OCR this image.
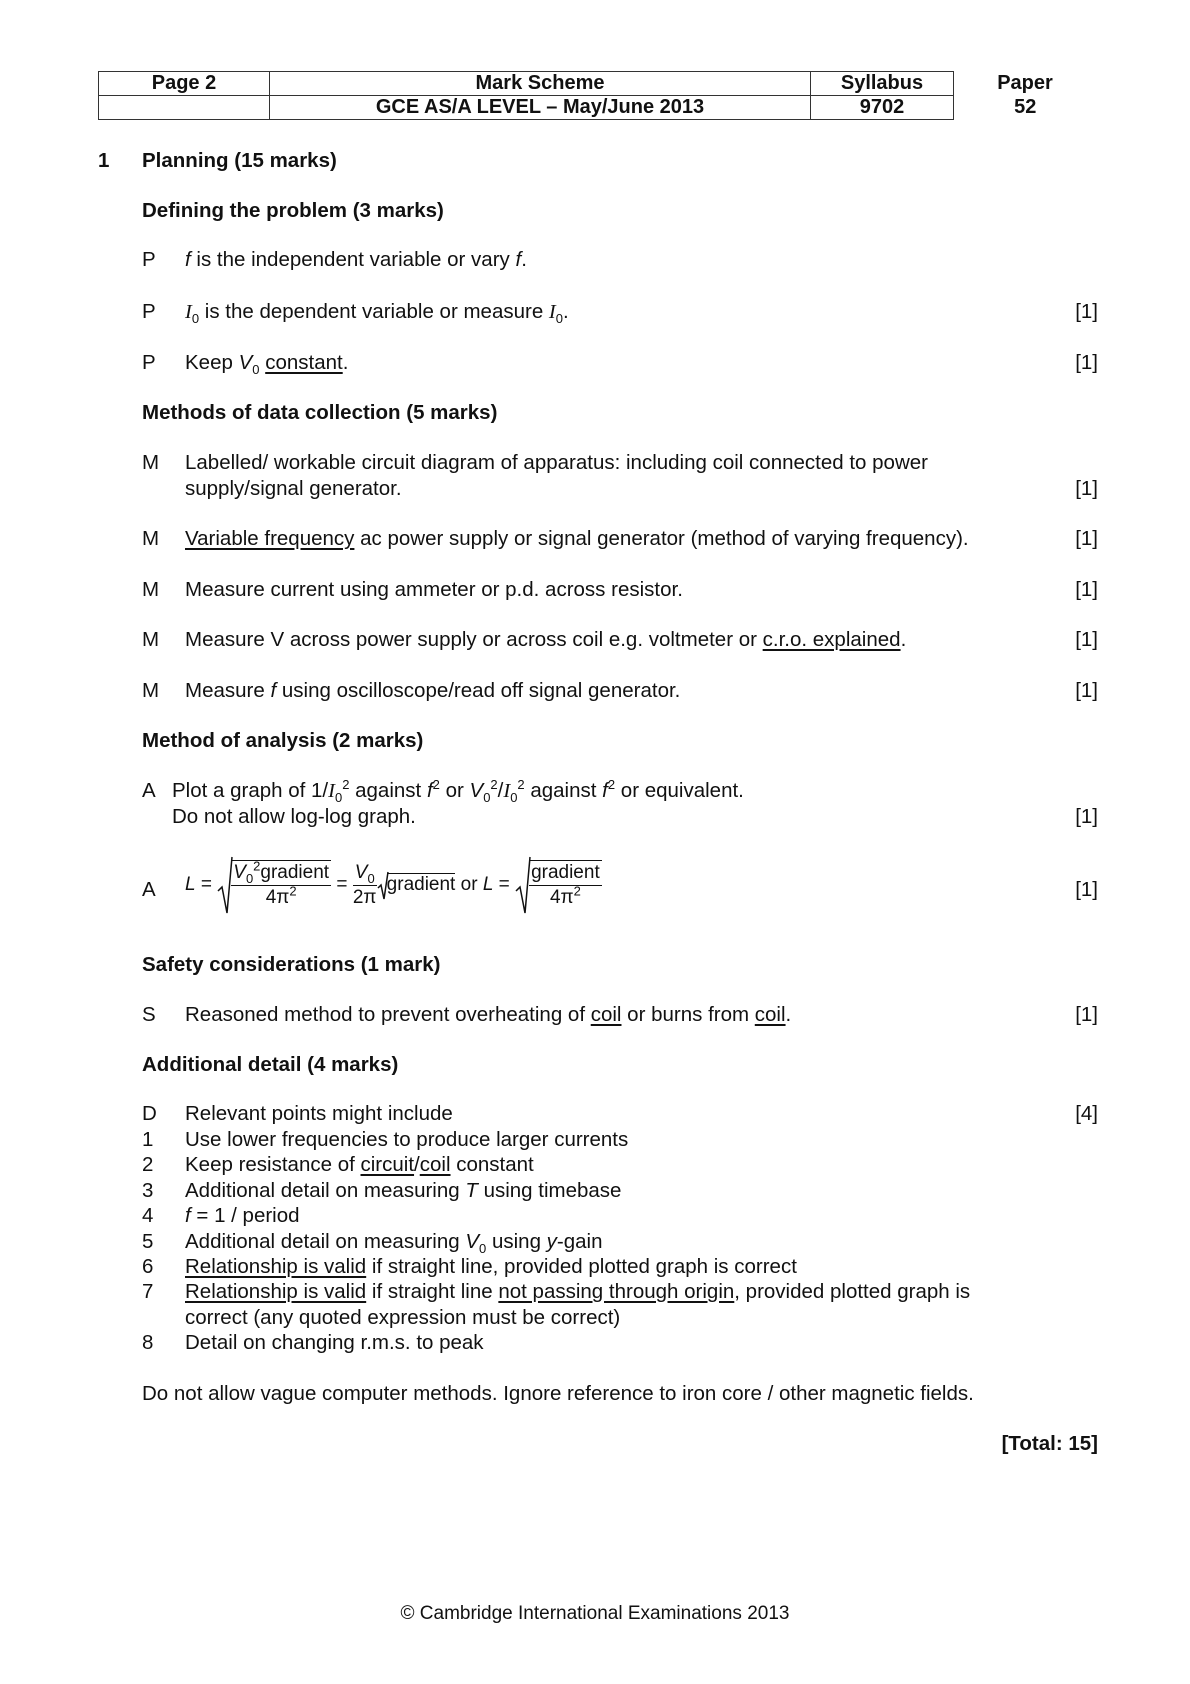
Page 2	Mark Scheme	Syllabus	Paper
	GCE AS/A LEVEL – May/June 2013	9702	52
1 Planning (15 marks)
Defining the problem (3 marks)
P f is the independent variable or vary f.
P $I_0$ is the dependent variable or measure $I_0$.	[1]
P Keep $V_0$ constant.	[1]
Methods of data collection (5 marks)
M Labelled/ workable circuit diagram of apparatus: including coil connected to power
supply/signal generator.	[1]
M Variable frequency ac power supply or signal generator (method of varying frequency).	[1]
M Measure current using ammeter or p.d. across resistor.	[1]
M Measure V across power supply or across coil e.g. voltmeter or c.r.o. explained.	[1]
M Measure f using oscilloscope/read off signal generator.	[1]
Method of analysis (2 marks)
A Plot a graph of $1/I_0^2$ against $f^2$ or $V_0^2/I_0^2$ against $f^2$ or equivalent.
Do not allow log-log graph.	[1]
A $L = \frac{V_0^2gradient}{4\pi^2} = \frac{V_0}{2\pi}$ gradient or $L = \frac{\text{gradient}}{4\pi^2}$	[1]
Safety considerations (1 mark)
S Reasoned method to prevent overheating of coil or burns from coil.	[1]
Additional detail (4 marks)
D Relevant points might include	[4]
1 Use lower frequencies to produce larger currents
2 Keep resistance of circuit/coil constant
3 Additional detail on measuring T using timebase
4 f = 1 / period
5 Additional detail on measuring $V_0$ using y-gain
6 Relationship is valid if straight line, provided plotted graph is correct
7 Relationship is valid if straight line not passing through origin, provided plotted graph is
correct (any quoted expression must be correct)
8 Detail on changing r.m.s. to peak
Do not allow vague computer methods. Ignore reference to iron core / other magnetic fields.
[Total: 15]
© Cambridge International Examinations 2013
